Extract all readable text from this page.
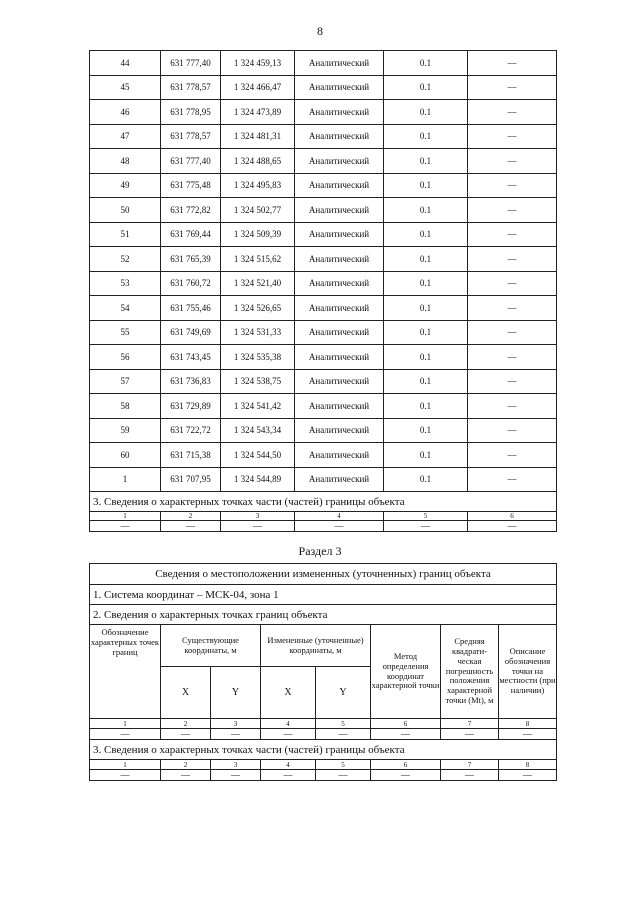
8
44	631 777,40	1 324 459,13	Аналитический	0.1	—
45	631 778,57	1 324 466,47	Аналитический	0.1	—
46	631 778,95	1 324 473,89	Аналитический	0.1	—
47	631 778,57	1 324 481,31	Аналитический	0.1	—
48	631 777,40	1 324 488,65	Аналитический	0.1	—
49	631 775,48	1 324 495,83	Аналитический	0.1	—
50	631 772,82	1 324 502,77	Аналитический	0.1	—
51	631 769,44	1 324 509,39	Аналитический	0.1	—
52	631 765,39	1 324 515,62	Аналитический	0.1	—
53	631 760,72	1 324 521,40	Аналитический	0.1	—
54	631 755,46	1 324 526,65	Аналитический	0.1	—
55	631 749,69	1 324 531,33	Аналитический	0.1	—
56	631 743,45	1 324 535,38	Аналитический	0.1	—
57	631 736,83	1 324 538,75	Аналитический	0.1	—
58	631 729,89	1 324 541,42	Аналитический	0.1	—
59	631 722,72	1 324 543,34	Аналитический	0.1	—
60	631 715,38	1 324 544,50	Аналитический	0.1	—
1	631 707,95	1 324 544,89	Аналитический	0.1	—
3. Сведения о характерных точках части (частей) границы объекта					
1	2	3	4	5	6
—	—	—	—	—	—
Раздел 3
Сведения о местоположении измененных (уточненных) границ объекта							
1. Система координат – МСК-04, зона 1							
2. Сведения о характерных точках границ объекта							
Обозначение характерных точек границ	Существующие координаты, м		Измененные (уточненные) координаты, м		Метод определения координат характерной точки	Средняя квадрати-ческая погрешность положения характерной точки (Mt), м	Описание обозначения точки на местности (при наличии)
	X	Y	X	Y			
1	2	3	4	5	6	7	8
—	—	—	—	—	—	—	—
3. Сведения о характерных точках части (частей) границы объекта							
1	2	3	4	5	6	7	8
—	—	—	—	—	—	—	—
